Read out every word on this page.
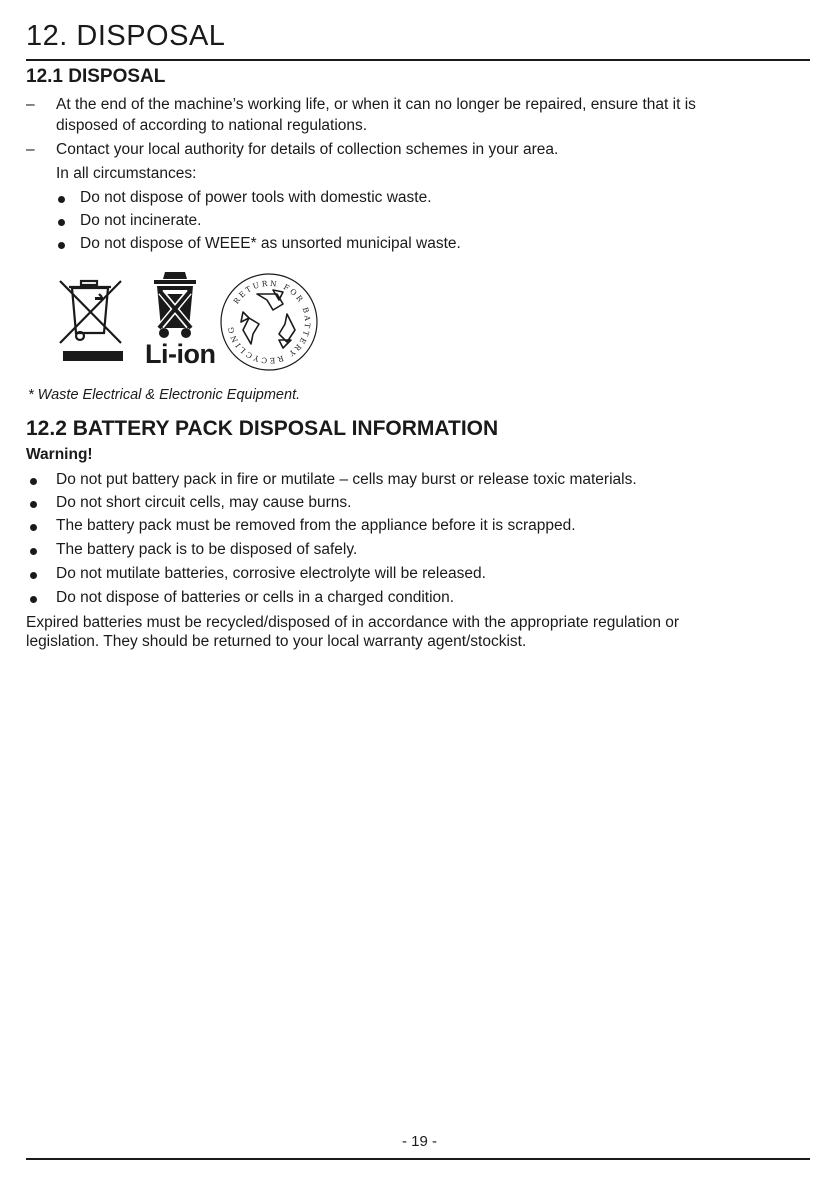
12. DISPOSAL
12.1 DISPOSAL
– At the end of the machine’s working life, or when it can no longer be repaired, ensure that it is
disposed of according to national regulations.
– Contact your local authority for details of collection schemes in your area.
In all circumstances:
Do not dispose of power tools with domestic waste.
Do not incinerate.
Do not dispose of WEEE* as unsorted municipal waste.
Li-ion
RETURN FOR BATTERY RECYCLING
* Waste Electrical & Electronic Equipment.
12.2 BATTERY PACK DISPOSAL INFORMATION
Warning!
Do not put battery pack in fire or mutilate – cells may burst or release toxic materials.
Do not short circuit cells, may cause burns.
The battery pack must be removed from the appliance before it is scrapped.
The battery pack is to be disposed of safely.
Do not mutilate batteries, corrosive electrolyte will be released.
Do not dispose of batteries or cells in a charged condition.
Expired batteries must be recycled/disposed of in accordance with the appropriate regulation or
legislation. They should be returned to your local warranty agent/stockist.
- 19 -
